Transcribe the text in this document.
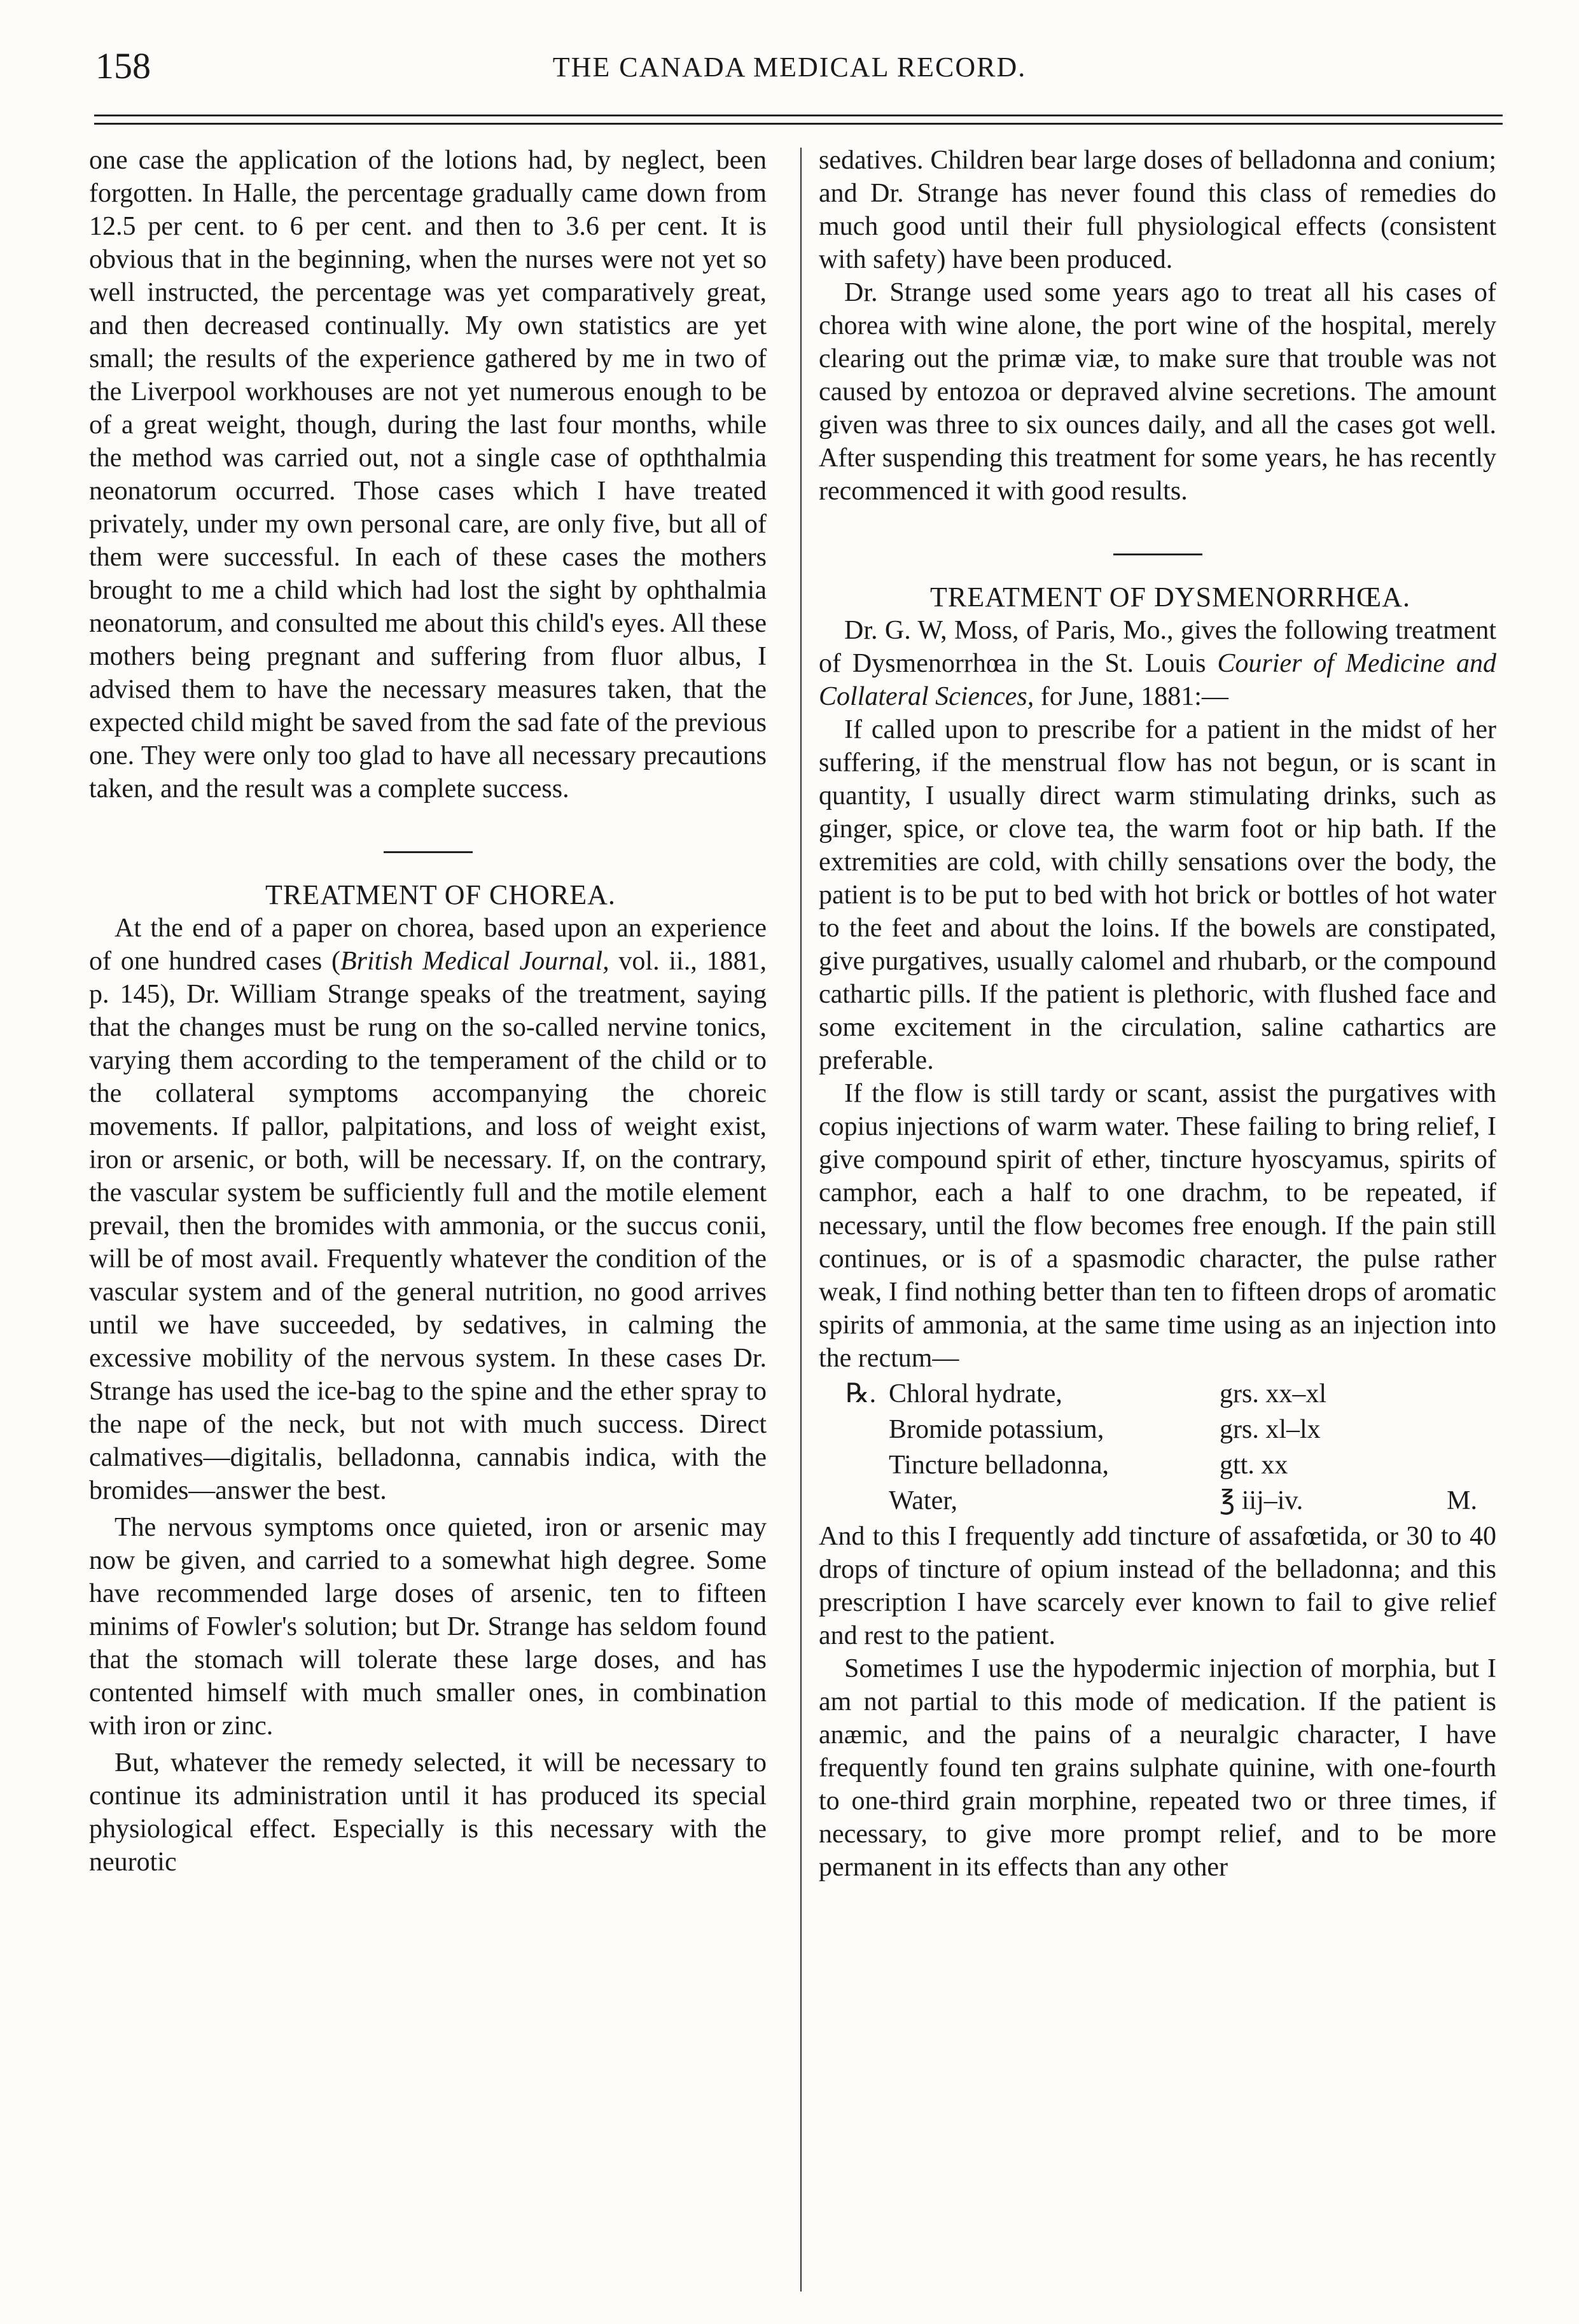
158	THE CANADA MEDICAL RECORD.

one case the application of the lotions had, by neglect, been forgotten. In Halle, the percentage gradually came down from 12.5 per cent. to 6 per cent. and then to 3.6 per cent. It is obvious that in the beginning, when the nurses were not yet so well instructed, the percentage was yet comparatively great, and then decreased continually. My own statistics are yet small; the results of the experience gathered by me in two of the Liverpool workhouses are not yet numerous enough to be of a great weight, though, during the last four months, while the method was carried out, not a single case of opththalmia neonatorum occurred. Those cases which I have treated privately, under my own personal care, are only five, but all of them were successful. In each of these cases the mothers brought to me a child which had lost the sight by ophthalmia neonatorum, and consulted me about this child's eyes. All these mothers being pregnant and suffering from fluor albus, I advised them to have the necessary measures taken, that the expected child might be saved from the sad fate of the previous one. They were only too glad to have all necessary precautions taken, and the result was a complete success.

TREATMENT OF CHOREA.

At the end of a paper on chorea, based upon an experience of one hundred cases (British Medical Journal, vol. ii., 1881, p. 145), Dr. William Strange speaks of the treatment, saying that the changes must be rung on the so-called nervine tonics, varying them according to the temperament of the child or to the collateral symptoms accompanying the choreic movements. If pallor, palpitations, and loss of weight exist, iron or arsenic, or both, will be necessary. If, on the contrary, the vascular system be sufficiently full and the motile element prevail, then the bromides with ammonia, or the succus conii, will be of most avail. Frequently whatever the condition of the vascular system and of the general nutrition, no good arrives until we have succeeded, by sedatives, in calming the excessive mobility of the nervous system. In these cases Dr. Strange has used the ice-bag to the spine and the ether spray to the nape of the neck, but not with much success. Direct calmatives—digitalis, belladonna, cannabis indica, with the bromides—answer the best.

The nervous symptoms once quieted, iron or arsenic may now be given, and carried to a somewhat high degree. Some have recommended large doses of arsenic, ten to fifteen minims of Fowler's solution; but Dr. Strange has seldom found that the stomach will tolerate these large doses, and has contented himself with much smaller ones, in combination with iron or zinc.

But, whatever the remedy selected, it will be necessary to continue its administration until it has produced its special physiological effect. Especially is this necessary with the neurotic

sedatives. Children bear large doses of belladonna and conium; and Dr. Strange has never found this class of remedies do much good until their full physiological effects (consistent with safety) have been produced.

Dr. Strange used some years ago to treat all his cases of chorea with wine alone, the port wine of the hospital, merely clearing out the primæ viæ, to make sure that trouble was not caused by entozoa or depraved alvine secretions. The amount given was three to six ounces daily, and all the cases got well. After suspending this treatment for some years, he has recently recommenced it with good results.

TREATMENT OF DYSMENORRHŒA.

Dr. G. W, Moss, of Paris, Mo., gives the following treatment of Dysmenorrhœa in the St. Louis Courier of Medicine and Collateral Sciences, for June, 1881:—

If called upon to prescribe for a patient in the midst of her suffering, if the menstrual flow has not begun, or is scant in quantity, I usually direct warm stimulating drinks, such as ginger, spice, or clove tea, the warm foot or hip bath. If the extremities are cold, with chilly sensations over the body, the patient is to be put to bed with hot brick or bottles of hot water to the feet and about the loins. If the bowels are constipated, give purgatives, usually calomel and rhubarb, or the compound cathartic pills. If the patient is plethoric, with flushed face and some excitement in the circulation, saline cathartics are preferable.

If the flow is still tardy or scant, assist the purgatives with copius injections of warm water. These failing to bring relief, I give compound spirit of ether, tincture hyoscyamus, spirits of camphor, each a half to one drachm, to be repeated, if necessary, until the flow becomes free enough. If the pain still continues, or is of a spasmodic character, the pulse rather weak, I find nothing better than ten to fifteen drops of aromatic spirits of ammonia, at the same time using as an injection into the rectum—

℞. Chloral hydrate,	grs. xx–xl
Bromide potassium,	grs. xl–lx
Tincture belladonna,	gtt. xx
Water,	℥ iij–iv.	M.

And to this I frequently add tincture of assafœtida, or 30 to 40 drops of tincture of opium instead of the belladonna; and this prescription I have scarcely ever known to fail to give relief and rest to the patient.

Sometimes I use the hypodermic injection of morphia, but I am not partial to this mode of medication. If the patient is anæmic, and the pains of a neuralgic character, I have frequently found ten grains sulphate quinine, with one-fourth to one-third grain morphine, repeated two or three times, if necessary, to give more prompt relief, and to be more permanent in its effects than any other
